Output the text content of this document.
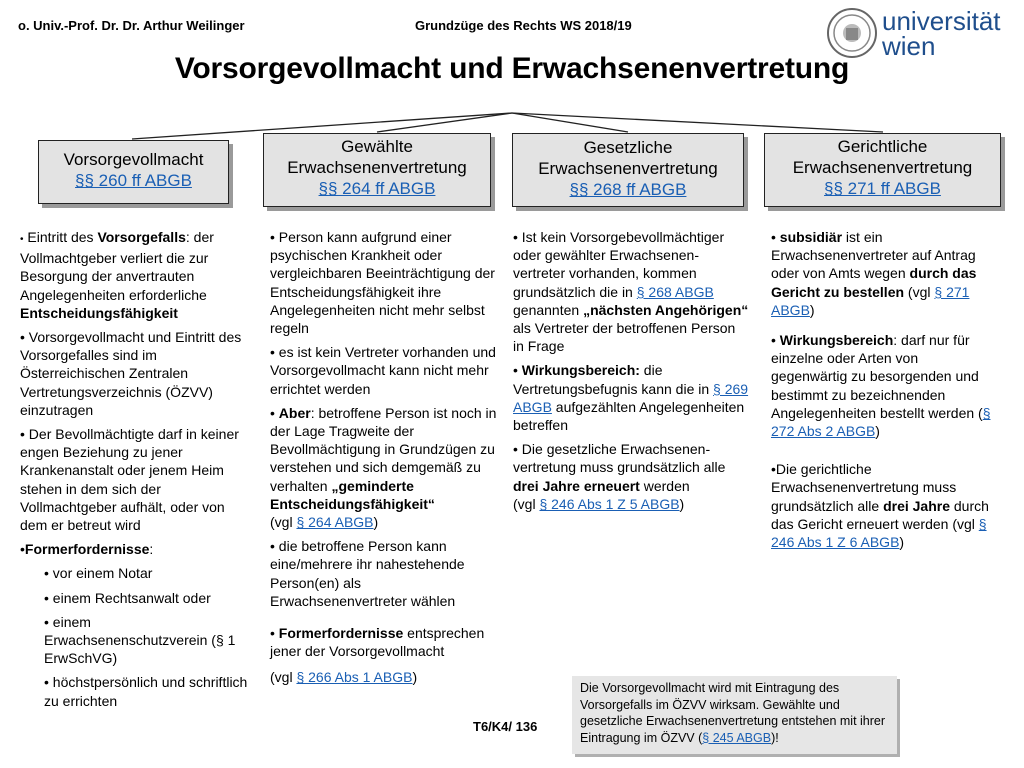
o. Univ.-Prof. Dr. Dr. Arthur Weilinger	Grundzüge des Rechts WS 2018/19	universität
wien
Vorsorgevollmacht und Erwachsenenvertretung
Vorsorgevollmacht
§§ 260 ff ABGB
Gewählte
Erwachsenenvertretung
§§ 264 ff ABGB
Gesetzliche
Erwachsenenvertretung
§§ 268 ff ABGB
Gerichtliche
Erwachsenenvertretung
§§ 271 ff ABGB

• Eintritt des Vorsorgefalls: der Vollmachtgeber verliert die zur Besorgung der anvertrauten Angelegenheiten erforderliche Entscheidungsfähigkeit

• Vorsorgevollmacht und Eintritt des Vorsorgefalles sind im Österreichischen Zentralen Vertretungsverzeichnis (ÖZVV) einzutragen

• Der Bevollmächtigte darf in keiner engen Beziehung zu jener Krankenanstalt oder jenem Heim stehen in dem sich der Vollmachtgeber aufhält, oder von dem er betreut wird

•Formerfordernisse:

• vor einem Notar

• einem Rechtsanwalt oder

• einem Erwachsenenschutzverein (§ 1 ErwSchVG)

• höchstpersönlich und schriftlich zu errichten

• Person kann aufgrund einer psychischen Krankheit oder vergleichbaren Beeinträchtigung der Entscheidungsfähigkeit ihre Angelegenheiten nicht mehr selbst regeln

• es ist kein Vertreter vorhanden und Vorsorgevollmacht kann nicht mehr errichtet werden

• Aber: betroffene Person ist noch in der Lage Tragweite der Bevollmächtigung in Grundzügen zu verstehen und sich demgemäß zu verhalten „geminderte Entscheidungsfähigkeit“
(vgl § 264 ABGB)

• die betroffene Person kann eine/mehrere ihr nahestehende Person(en) als Erwachsenenvertreter wählen

• Formerfordernisse entsprechen jener der Vorsorgevollmacht
(vgl § 266 Abs 1 ABGB)

• Ist kein Vorsorgebevollmächtiger oder gewählter Erwachsenen-vertreter vorhanden, kommen grundsätzlich die in § 268 ABGB genannten „nächsten Angehörigen“ als Vertreter der betroffenen Person in Frage

• Wirkungsbereich: die Vertretungsbefugnis kann die in § 269 ABGB aufgezählten Angelegenheiten betreffen

• Die gesetzliche Erwachsenen-vertretung muss grundsätzlich alle drei Jahre erneuert werden
(vgl § 246 Abs 1 Z 5 ABGB)

• subsidiär ist ein Erwachsenenvertreter auf Antrag oder von Amts wegen durch das Gericht zu bestellen (vgl § 271 ABGB)

• Wirkungsbereich: darf nur für einzelne oder Arten von gegenwärtig zu besorgenden und bestimmt zu bezeichnenden Angelegenheiten bestellt werden (§ 272 Abs 2 ABGB)

•Die gerichtliche Erwachsenenvertretung muss grundsätzlich alle drei Jahre durch das Gericht erneuert werden (vgl § 246 Abs 1 Z 6 ABGB)

T6/K4/ 136
Die Vorsorgevollmacht wird mit Eintragung des Vorsorgefalls im ÖZVV wirksam. Gewählte und gesetzliche Erwachsenenvertretung entstehen mit ihrer Eintragung im ÖZVV (§ 245 ABGB)!
